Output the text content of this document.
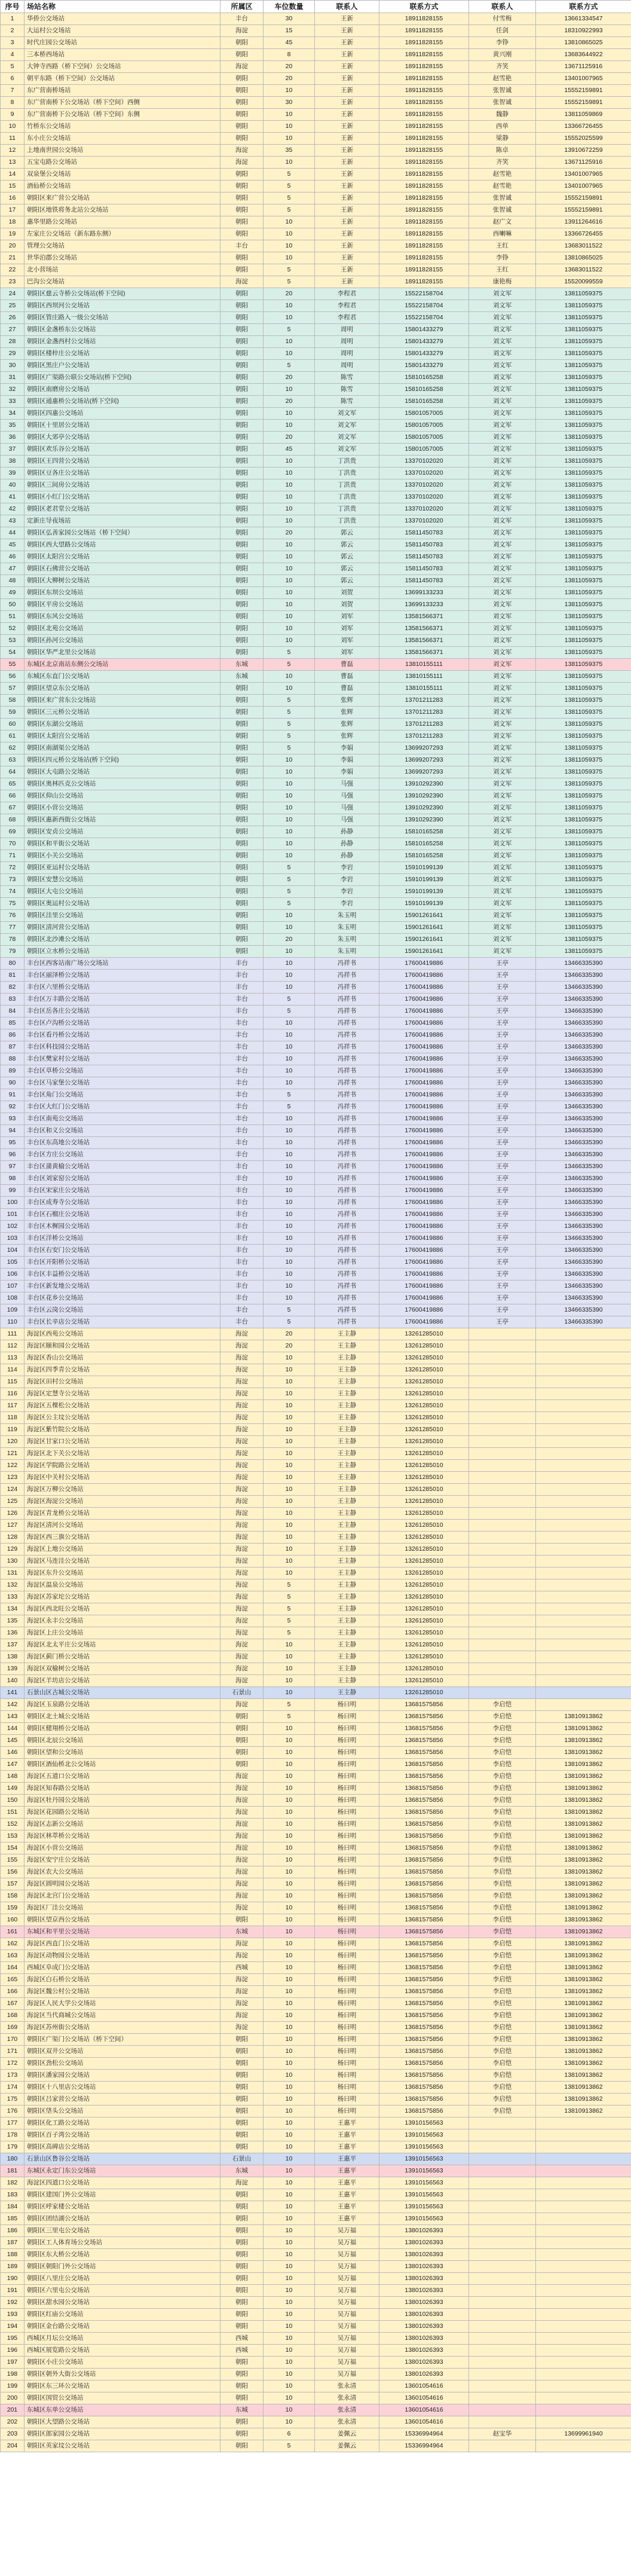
序号	场站名称	所属区	车位数量	联系人	联系方式	联系人	联系方式
1	华侨公交场站	丰台	30	王新	18911828155	付雪梅	13661334547
2	大运村公交场站	海淀	15	王新	18911828155	任剑	18310922993
3	时代庄园公交场站	朝阳	45	王新	18911828155	李铮	13810865025
4	三本桥西场站	朝阳	8	王新	18911828155	黄兴刚	13683644922
5	大钟寺西路（桥下空间）公交场站	海淀	20	王新	18911828155	齐笑	13671125916
6	朝平东路（桥下空间）公交场站	朝阳	20	王新	18911828155	赵雪艳	13401007965
7	东广营南桥场站	朝阳	10	王新	18911828155	张智诚	15552159891
8	东广营南桥下公交场站（桥下空间）西侧	朝阳	30	王新	18911828155	张智诚	15552159891
9	东广营南桥下公交场站（桥下空间）东侧	朝阳	10	王新	18911828155	魏静	13811059869
10	竹桥东公交场站	朝阳	10	王新	18911828155	西单	13366726455
11	东小庄公交场站	朝阳	10	王新	18911828155	梁静	15552025599
12	上地南世园公交场站	海淀	35	王新	18911828155	陈卓	13910672259
13	五宝屯路公交场站	海淀	10	王新	18911828155	齐笑	13671125916
14	双泉堡公交场站	朝阳	5	王新	18911828155	赵雪艳	13401007965
15	酒仙桥公交场站	朝阳	5	王新	18911828155	赵雪艳	13401007965
16	朝阳区来广营公交场站	朝阳	5	王新	18911828155	张智诚	15552159891
17	朝阳区地铁将务北站公交场站	朝阳	5	王新	18911828155	张智诚	15552159891
18	惠华里路公交场站	朝阳	10	王新	18911828155	赵广文	13911264616
19	左家庄公交场站（新东路东侧）	朝阳	10	王新	18911828155	西喇嘛	13366726455
20	管理公交场站	丰台	10	王新	18911828155	王红	13683011522
21	世华泊郡公交场站	朝阳	10	王新	18911828155	李铮	13810865025
22	北小营场站	朝阳	5	王新	18911828155	王红	13683011522
23	巴沟公交场站	海淀	5	王新	18911828155	康艳梅	15520099559
24	朝阳区慈云寺桥公交场站(桥下空间)	朝阳	20	李程君	15522158704	刘文军	13811059375
25	朝阳区西坝河公交场站	朝阳	10	李程君	15522158704	刘文军	13811059375
26	朝阳区管庄路入一级公交场站	朝阳	10	李程君	15522158704	刘文军	13811059375
27	朝阳区金盏桥东公交场站	朝阳	5	周明	15801433279	刘文军	13811059375
28	朝阳区金盏西村公交场站	朝阳	10	周明	15801433279	刘文军	13811059375
29	朝阳区楼梓庄公交场站	朝阳	10	周明	15801433279	刘文军	13811059375
30	朝阳区黑庄户公交场站	朝阳	5	周明	15801433279	刘文军	13811059375
31	朝阳区广渠路公联公交场站(桥下空间)	朝阳	20	陈雪	15810165258	刘文军	13811059375
32	朝阳区南磨房公交场站	朝阳	10	陈雪	15810165258	刘文军	13811059375
33	朝阳区通惠桥公交场站(桥下空间)	朝阳	20	陈雪	15810165258	刘文军	13811059375
34	朝阳区四惠公交场站	朝阳	10	刘文军	15801057005	刘文军	13811059375
35	朝阳区十里居公交场站	朝阳	10	刘文军	15801057005	刘文军	13811059375
36	朝阳区大郊亭公交场站	朝阳	20	刘文军	15801057005	刘文军	13811059375
37	朝阳区欢乐谷公交场站	朝阳	45	刘文军	15801057005	刘文军	13811059375
38	朝阳区王四营公交场站	朝阳	10	丁洪贵	13370102020	刘文军	13811059375
39	朝阳区豆各庄公交场站	朝阳	10	丁洪贵	13370102020	刘文军	13811059375
40	朝阳区三间房公交场站	朝阳	10	丁洪贵	13370102020	刘文军	13811059375
41	朝阳区小红门公交场站	朝阳	10	丁洪贵	13370102020	刘文军	13811059375
42	朝阳区老君堂公交场站	朝阳	10	丁洪贵	13370102020	刘文军	13811059375
43	定新庄导夜场站	朝阳	10	丁洪贵	13370102020	刘文军	13811059375
44	朝阳区弘善家园公交场站（桥下空间）	朝阳	20	郭云	15811450783	刘文军	13811059375
45	朝阳区西大望路公交场站	朝阳	10	郭云	15811450783	刘文军	13811059375
46	朝阳区太阳宫公交场站	朝阳	10	郭云	15811450783	刘文军	13811059375
47	朝阳区石佛营公交场站	朝阳	10	郭云	15811450783	刘文军	13811059375
48	朝阳区大柳树公交场站	朝阳	10	郭云	15811450783	刘文军	13811059375
49	朝阳区东坝公交场站	朝阳	10	刘贺	13699133233	刘文军	13811059375
50	朝阳区平房公交场站	朝阳	10	刘贺	13699133233	刘文军	13811059375
51	朝阳区东风公交场站	朝阳	10	刘军	13581566371	刘文军	13811059375
52	朝阳区北苑公交场站	朝阳	10	刘军	13581566371	刘文军	13811059375
53	朝阳区孙河公交场站	朝阳	10	刘军	13581566371	刘文军	13811059375
54	朝阳区华严北里公交场站	朝阳	5	刘军	13581566371	刘文军	13811059375
55	东城区北京南站东侧公交场站	东城	5	曹磊	13810155111	刘文军	13811059375
56	东城区东直门公交场站	东城	10	曹磊	13810155111	刘文军	13811059375
57	朝阳区望京东公交场站	朝阳	10	曹磊	13810155111	刘文军	13811059375
58	朝阳区来广营东公交场站	朝阳	5	张辉	13701211283	刘文军	13811059375
59	朝阳区三元桥公交场站	朝阳	5	张辉	13701211283	刘文军	13811059375
60	朝阳区东湖公交场站	朝阳	5	张辉	13701211283	刘文军	13811059375
61	朝阳区太阳宫公交场站	朝阳	5	张辉	13701211283	刘文军	13811059375
62	朝阳区南湖渠公交场站	朝阳	5	李娟	13699207293	刘文军	13811059375
63	朝阳区四元桥公交场站(桥下空间)	朝阳	10	李娟	13699207293	刘文军	13811059375
64	朝阳区大屯路公交场站	朝阳	10	李娟	13699207293	刘文军	13811059375
65	朝阳区奥林匹克公交场站	朝阳	10	马强	13910292390	刘文军	13811059375
66	朝阳区仰山公交场站	朝阳	10	马强	13910292390	刘文军	13811059375
67	朝阳区小营公交场站	朝阳	10	马强	13910292390	刘文军	13811059375
68	朝阳区惠新西街公交场站	朝阳	10	马强	13910292390	刘文军	13811059375
69	朝阳区安贞公交场站	朝阳	10	孙静	15810165258	刘文军	13811059375
70	朝阳区和平街公交场站	朝阳	10	孙静	15810165258	刘文军	13811059375
71	朝阳区小关公交场站	朝阳	10	孙静	15810165258	刘文军	13811059375
72	朝阳区亚运村公交场站	朝阳	5	李岩	15910199139	刘文军	13811059375
73	朝阳区安慧公交场站	朝阳	5	李岩	15910199139	刘文军	13811059375
74	朝阳区大屯公交场站	朝阳	5	李岩	15910199139	刘文军	13811059375
75	朝阳区奥运村公交场站	朝阳	5	李岩	15910199139	刘文军	13811059375
76	朝阳区洼里公交场站	朝阳	10	朱玉明	15901261641	刘文军	13811059375
77	朝阳区清河营公交场站	朝阳	10	朱玉明	15901261641	刘文军	13811059375
78	朝阳区北沙滩公交场站	朝阳	20	朱玉明	15901261641	刘文军	13811059375
79	朝阳区立水桥公交场站	朝阳	10	朱玉明	15901261641	刘文军	13811059375
80	丰台区西客站南广场公交场站	丰台	10	冯祥书	17600419886	王亭	13466335390
81	丰台区丽泽桥公交场站	丰台	10	冯祥书	17600419886	王亭	13466335390
82	丰台区六里桥公交场站	丰台	10	冯祥书	17600419886	王亭	13466335390
83	丰台区万丰路公交场站	丰台	5	冯祥书	17600419886	王亭	13466335390
84	丰台区岳各庄公交场站	丰台	5	冯祥书	17600419886	王亭	13466335390
85	丰台区卢沟桥公交场站	丰台	10	冯祥书	17600419886	王亭	13466335390
86	丰台区看丹桥公交场站	丰台	10	冯祥书	17600419886	王亭	13466335390
87	丰台区科技园公交场站	丰台	10	冯祥书	17600419886	王亭	13466335390
88	丰台区樊家村公交场站	丰台	10	冯祥书	17600419886	王亭	13466335390
89	丰台区草桥公交场站	丰台	10	冯祥书	17600419886	王亭	13466335390
90	丰台区马家堡公交场站	丰台	10	冯祥书	17600419886	王亭	13466335390
91	丰台区角门公交场站	丰台	5	冯祥书	17600419886	王亭	13466335390
92	丰台区大红门公交场站	丰台	5	冯祥书	17600419886	王亭	13466335390
93	丰台区南苑公交场站	丰台	10	冯祥书	17600419886	王亭	13466335390
94	丰台区和义公交场站	丰台	10	冯祥书	17600419886	王亭	13466335390
95	丰台区东高地公交场站	丰台	10	冯祥书	17600419886	王亭	13466335390
96	丰台区方庄公交场站	丰台	10	冯祥书	17600419886	王亭	13466335390
97	丰台区蒲黄榆公交场站	丰台	10	冯祥书	17600419886	王亭	13466335390
98	丰台区刘家窑公交场站	丰台	10	冯祥书	17600419886	王亭	13466335390
99	丰台区宋家庄公交场站	丰台	10	冯祥书	17600419886	王亭	13466335390
100	丰台区成寿寺公交场站	丰台	10	冯祥书	17600419886	王亭	13466335390
101	丰台区石榴庄公交场站	丰台	10	冯祥书	17600419886	王亭	13466335390
102	丰台区木樨园公交场站	丰台	10	冯祥书	17600419886	王亭	13466335390
103	丰台区洋桥公交场站	丰台	10	冯祥书	17600419886	王亭	13466335390
104	丰台区右安门公交场站	丰台	10	冯祥书	17600419886	王亭	13466335390
105	丰台区开阳桥公交场站	丰台	10	冯祥书	17600419886	王亭	13466335390
106	丰台区丰益桥公交场站	丰台	10	冯祥书	17600419886	王亭	13466335390
107	丰台区新发地公交场站	丰台	10	冯祥书	17600419886	王亭	13466335390
108	丰台区花乡公交场站	丰台	10	冯祥书	17600419886	王亭	13466335390
109	丰台区云岗公交场站	丰台	5	冯祥书	17600419886	王亭	13466335390
110	丰台区长辛店公交场站	丰台	5	冯祥书	17600419886	王亭	13466335390
111	海淀区西苑公交场站	海淀	20	王主静	13261285010		
112	海淀区颐和园公交场站	海淀	20	王主静	13261285010		
113	海淀区香山公交场站	海淀	10	王主静	13261285010		
114	海淀区四季青公交场站	海淀	10	王主静	13261285010		
115	海淀区田村公交场站	海淀	10	王主静	13261285010		
116	海淀区定慧寺公交场站	海淀	10	王主静	13261285010		
117	海淀区五棵松公交场站	海淀	10	王主静	13261285010		
118	海淀区公主坟公交场站	海淀	10	王主静	13261285010		
119	海淀区紫竹院公交场站	海淀	10	王主静	13261285010		
120	海淀区甘家口公交场站	海淀	10	王主静	13261285010		
121	海淀区北下关公交场站	海淀	10	王主静	13261285010		
122	海淀区学院路公交场站	海淀	10	王主静	13261285010		
123	海淀区中关村公交场站	海淀	10	王主静	13261285010		
124	海淀区万柳公交场站	海淀	10	王主静	13261285010		
125	海淀区海淀公交场站	海淀	10	王主静	13261285010		
126	海淀区青龙桥公交场站	海淀	10	王主静	13261285010		
127	海淀区清河公交场站	海淀	10	王主静	13261285010		
128	海淀区西三旗公交场站	海淀	10	王主静	13261285010		
129	海淀区上地公交场站	海淀	10	王主静	13261285010		
130	海淀区马连洼公交场站	海淀	10	王主静	13261285010		
131	海淀区东升公交场站	海淀	10	王主静	13261285010		
132	海淀区温泉公交场站	海淀	5	王主静	13261285010		
133	海淀区苏家坨公交场站	海淀	5	王主静	13261285010		
134	海淀区西北旺公交场站	海淀	5	王主静	13261285010		
135	海淀区永丰公交场站	海淀	5	王主静	13261285010		
136	海淀区上庄公交场站	海淀	5	王主静	13261285010		
137	海淀区北太平庄公交场站	海淀	10	王主静	13261285010		
138	海淀区蓟门桥公交场站	海淀	10	王主静	13261285010		
139	海淀区双榆树公交场站	海淀	10	王主静	13261285010		
140	海淀区羊坊店公交场站	海淀	10	王主静	13261285010		
141	石景山区古城公交场站	石景山	10	王主静	13261285010		
142	海淀区玉泉路公交场站	海淀	5	杨曰明	13681575856	李启恺	
143	朝阳区北土城公交场站	朝阳	5	杨曰明	13681575856	李启恺	13810913862
144	朝阳区健翔桥公交场站	朝阳	10	杨曰明	13681575856	李启恺	13810913862
145	朝阳区北辰公交场站	朝阳	10	杨曰明	13681575856	李启恺	13810913862
146	朝阳区望和公交场站	朝阳	10	杨曰明	13681575856	李启恺	13810913862
147	朝阳区酒仙桥北公交场站	朝阳	10	杨曰明	13681575856	李启恺	13810913862
148	海淀区五道口公交场站	海淀	10	杨曰明	13681575856	李启恺	13810913862
149	海淀区知春路公交场站	海淀	10	杨曰明	13681575856	李启恺	13810913862
150	海淀区牡丹园公交场站	海淀	10	杨曰明	13681575856	李启恺	13810913862
151	海淀区花园路公交场站	海淀	10	杨曰明	13681575856	李启恺	13810913862
152	海淀区志新公交场站	海淀	10	杨曰明	13681575856	李启恺	13810913862
153	海淀区林萃桥公交场站	海淀	10	杨曰明	13681575856	李启恺	13810913862
154	海淀区小营公交场站	海淀	10	杨曰明	13681575856	李启恺	13810913862
155	海淀区安宁庄公交场站	海淀	10	杨曰明	13681575856	李启恺	13810913862
156	海淀区农大公交场站	海淀	10	杨曰明	13681575856	李启恺	13810913862
157	海淀区圆明园公交场站	海淀	10	杨曰明	13681575856	李启恺	13810913862
158	海淀区北宫门公交场站	海淀	10	杨曰明	13681575856	李启恺	13810913862
159	海淀区厂洼公交场站	海淀	10	杨曰明	13681575856	李启恺	13810913862
160	朝阳区望京西公交场站	朝阳	10	杨曰明	13681575856	李启恺	13810913862
161	东城区和平里公交场站	东城	10	杨曰明	13681575856	李启恺	13810913862
162	海淀区西直门公交场站	海淀	10	杨曰明	13681575856	李启恺	13810913862
163	海淀区动物园公交场站	海淀	10	杨曰明	13681575856	李启恺	13810913862
164	西城区阜成门公交场站	西城	10	杨曰明	13681575856	李启恺	13810913862
165	海淀区白石桥公交场站	海淀	10	杨曰明	13681575856	李启恺	13810913862
166	海淀区魏公村公交场站	海淀	10	杨曰明	13681575856	李启恺	13810913862
167	海淀区人民大学公交场站	海淀	10	杨曰明	13681575856	李启恺	13810913862
168	海淀区当代商城公交场站	海淀	10	杨曰明	13681575856	李启恺	13810913862
169	海淀区苏州街公交场站	海淀	10	杨曰明	13681575856	李启恺	13810913862
170	朝阳区广渠门公交场站（桥下空间）	朝阳	10	杨曰明	13681575856	李启恺	13810913862
171	朝阳区双井公交场站	朝阳	10	杨曰明	13681575856	李启恺	13810913862
172	朝阳区劲松公交场站	朝阳	10	杨曰明	13681575856	李启恺	13810913862
173	朝阳区潘家园公交场站	朝阳	10	杨曰明	13681575856	李启恺	13810913862
174	朝阳区十八里店公交场站	朝阳	10	杨曰明	13681575856	李启恺	13810913862
175	朝阳区吕家营公交场站	朝阳	10	杨曰明	13681575856	李启恺	13810913862
176	朝阳区垡头公交场站	朝阳	10	杨曰明	13681575856	李启恺	13810913862
177	朝阳区化工路公交场站	朝阳	10	王惠平	13910156563		
178	朝阳区百子湾公交场站	朝阳	10	王惠平	13910156563		
179	朝阳区高碑店公交场站	朝阳	10	王惠平	13910156563		
180	石景山区鲁谷公交场站	石景山	10	王惠平	13910156563		
181	东城区永定门东公交场站	东城	10	王惠平	13910156563		
182	海淀区四道口公交场站	海淀	10	王惠平	13910156563		
183	朝阳区建国门外公交场站	朝阳	10	王惠平	13910156563		
184	朝阳区呼家楼公交场站	朝阳	10	王惠平	13910156563		
185	朝阳区团结湖公交场站	朝阳	10	王惠平	13910156563		
186	朝阳区三里屯公交场站	朝阳	10	吴万福	13801026393		
187	朝阳区工人体育场公交场站	朝阳	10	吴万福	13801026393		
188	朝阳区东大桥公交场站	朝阳	10	吴万福	13801026393		
189	朝阳区朝阳门外公交场站	朝阳	10	吴万福	13801026393		
190	朝阳区八里庄公交场站	朝阳	10	吴万福	13801026393		
191	朝阳区六里屯公交场站	朝阳	10	吴万福	13801026393		
192	朝阳区甜水园公交场站	朝阳	10	吴万福	13801026393		
193	朝阳区红庙公交场站	朝阳	10	吴万福	13801026393		
194	朝阳区金台路公交场站	朝阳	10	吴万福	13801026393		
195	西城区月坛公交场站	西城	10	吴万福	13801026393		
196	西城区展览路公交场站	西城	10	吴万福	13801026393		
197	朝阳区小庄公交场站	朝阳	10	吴万福	13801026393		
198	朝阳区朝外大街公交场站	朝阳	10	吴万福	13801026393		
199	朝阳区东三环公交场站	朝阳	10	张永清	13601054616		
200	朝阳区国贸公交场站	朝阳	10	张永清	13601054616		
201	东城区东单公交场站	东城	10	张永清	13601054616		
202	朝阳区大望路公交场站	朝阳	10	张永清	13601054616		
203	朝阳区郎家园公交场站	朝阳	6	姜佩云	15336994964	赵宝华	13699961940
204	朝阳区英家坟公交场站	朝阳	5	姜佩云	15336994964		
